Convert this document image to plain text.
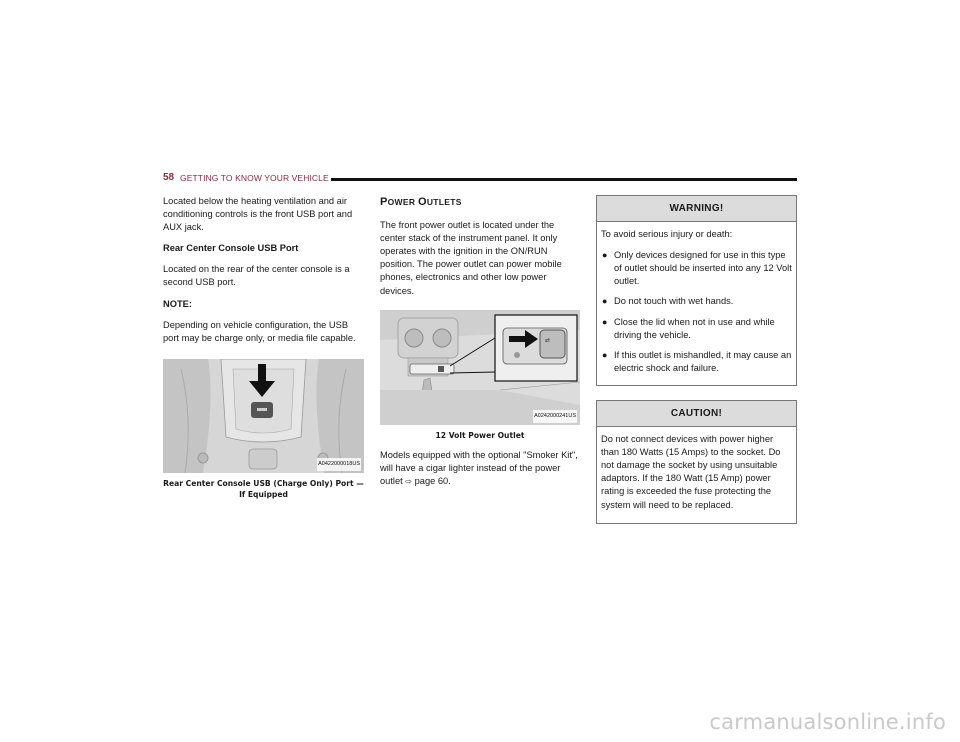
58 GETTING TO KNOW YOUR VEHICLE

Located below the heating ventilation and air conditioning controls is the front USB port and AUX jack.

Rear Center Console USB Port

Located on the rear of the center console is a second USB port.

NOTE:

Depending on vehicle configuration, the USB port may be charge only, or media file capable.

A0422000018US
Rear Center Console USB (Charge Only) Port — If Equipped
POWER OUTLETS

The front power outlet is located under the center stack of the instrument panel. It only operates with the ignition in the ON/RUN position. The power outlet can power mobile phones, electronics and other low power devices.

⇄
A0242000241US
12 Volt Power Outlet

Models equipped with the optional "Smoker Kit", will have a cigar lighter instead of the power outlet ⇨ page 60.

WARNING!

To avoid serious injury or death:

● Only devices designed for use in this type of outlet should be inserted into any 12 Volt outlet.
● Do not touch with wet hands.
● Close the lid when not in use and while driving the vehicle.
● If this outlet is mishandled, it may cause an electric shock and failure.
CAUTION!

Do not connect devices with power higher than 180 Watts (15 Amps) to the socket. Do not damage the socket by using unsuitable adaptors. If the 180 Watt (15 Amp) power rating is exceeded the fuse protecting the system will need to be replaced.

carmanualsonline.info
